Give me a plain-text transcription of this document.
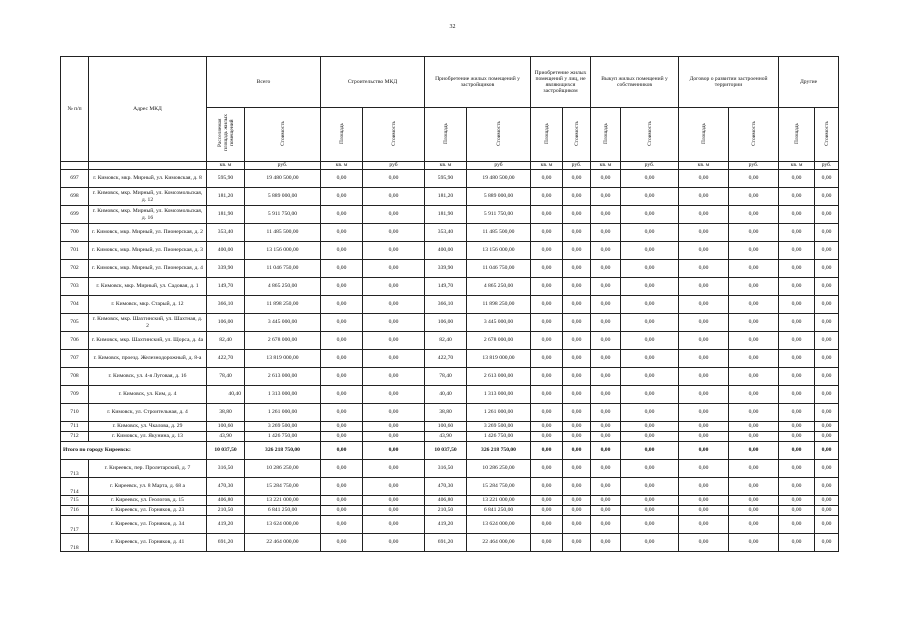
32
№ п/п	Адрес МКД	Всего		Строительство МКД		Приобретение жилых помещений у застройщиков		Приобретение жилых помещений у лиц, не являющихся застройщиком		Выкуп жилых помещений у собственников		Договор о развитии застроенной территории		Другие	
		Расселяемая площадь жилых помещений	Стоимость	Площадь	Стоимость	Площадь	Стоимость	Площадь	Стоимость	Площадь	Стоимость	Площадь	Стоимость	Площадь	Стоимость
		кв. м	руб.	кв. м	руб	кв. м	руб	кв. м	руб.	кв. м	руб.	кв. м	руб.	кв. м	руб.
697	г. Кимовск, мкр. Мирный, ул. Кимовская, д. 8	595,90	19 480 500,00	0,00	0,00	595,90	19 480 500,00	0,00	0,00	0,00	0,00	0,00	0,00	0,00	0,00
698	г. Кимовск, мкр. Мирный, ул. Комсомольская, д. 12	181,20	5 889 000,00	0,00	0,00	181,20	5 889 000,00	0,00	0,00	0,00	0,00	0,00	0,00	0,00	0,00
699	г. Кимовск, мкр. Мирный, ул. Комсомольская, д. 16	181,90	5 911 750,00	0,00	0,00	181,90	5 911 750,00	0,00	0,00	0,00	0,00	0,00	0,00	0,00	0,00
700	г. Кимовск, мкр. Мирный, ул. Пионерская, д. 2	353,40	11 485 500,00	0,00	0,00	353,40	11 485 500,00	0,00	0,00	0,00	0,00	0,00	0,00	0,00	0,00
701	г. Кимовск, мкр. Мирный, ул. Пионерская, д. 3	400,00	13 156 000,00	0,00	0,00	400,00	13 156 000,00	0,00	0,00	0,00	0,00	0,00	0,00	0,00	0,00
702	г. Кимовск, мкр. Мирный, ул. Пионерская, д. 4	339,90	11 046 750,00	0,00	0,00	339,90	11 046 750,00	0,00	0,00	0,00	0,00	0,00	0,00	0,00	0,00
703	г. Кимовск, мкр. Мирный, ул. Садовая, д. 1	149,70	4 865 250,00	0,00	0,00	149,70	4 865 250,00	0,00	0,00	0,00	0,00	0,00	0,00	0,00	0,00
704	г. Кимовск, мкр. Старый, д. 12	366,10	11 898 250,00	0,00	0,00	366,10	11 898 250,00	0,00	0,00	0,00	0,00	0,00	0,00	0,00	0,00
705	г. Кимовск, мкр. Шахтинский, ул. Шахтная, д. 2	106,00	3 445 000,00	0,00	0,00	106,00	3 445 000,00	0,00	0,00	0,00	0,00	0,00	0,00	0,00	0,00
706	г. Кимовск, мкр. Шахтинский, ул. Щорса, д. 4а	82,40	2 678 000,00	0,00	0,00	82,40	2 678 000,00	0,00	0,00	0,00	0,00	0,00	0,00	0,00	0,00
707	г. Кимовск, проезд. Железнодорожный, д. 8-а	422,70	13 819 000,00	0,00	0,00	422,70	13 819 000,00	0,00	0,00	0,00	0,00	0,00	0,00	0,00	0,00
708	г. Кимовск, ул. 4-я Луговая, д. 16	78,40	2 613 000,00	0,00	0,00	78,40	2 613 000,00	0,00	0,00	0,00	0,00	0,00	0,00	0,00	0,00
709	г. Кимовск, ул. Ким, д. 4	40,40	1 313 000,00	0,00	0,00	40,40	1 313 000,00	0,00	0,00	0,00	0,00	0,00	0,00	0,00	0,00
710	г. Кимовск, ул. Строительная, д. 4	38,80	1 261 000,00	0,00	0,00	38,80	1 261 000,00	0,00	0,00	0,00	0,00	0,00	0,00	0,00	0,00
711	г. Кимовск, ул. Чкалова, д. 29	100,60	3 269 500,00	0,00	0,00	100,60	3 269 500,00	0,00	0,00	0,00	0,00	0,00	0,00	0,00	0,00
712	г. Кимовск, ул. Якунина, д. 13	43,90	1 426 750,00	0,00	0,00	43,90	1 426 750,00	0,00	0,00	0,00	0,00	0,00	0,00	0,00	0,00
Итого по городу Киреевск:		10 037,50	326 218 750,00	0,00	0,00	10 037,50	326 218 750,00	0,00	0,00	0,00	0,00	0,00	0,00	0,00	0,00
713	г. Киреевск, пер. Пролетарский, д. 7	316,50	10 286 250,00	0,00	0,00	316,50	10 286 250,00	0,00	0,00	0,00	0,00	0,00	0,00	0,00	0,00
714	г. Киреевск, ул. 8 Марта, д. 68 а	470,30	15 284 750,00	0,00	0,00	470,30	15 284 750,00	0,00	0,00	0,00	0,00	0,00	0,00	0,00	0,00
715	г. Киреевск, ул. Геологов, д. 15	406,80	13 221 000,00	0,00	0,00	406,80	13 221 000,00	0,00	0,00	0,00	0,00	0,00	0,00	0,00	0,00
716	г. Киреевск, ул. Горняков, д. 23	210,50	6 841 250,00	0,00	0,00	210,50	6 841 250,00	0,00	0,00	0,00	0,00	0,00	0,00	0,00	0,00
717	г. Киреевск, ул. Горняков, д. 34	419,20	13 624 000,00	0,00	0,00	419,20	13 624 000,00	0,00	0,00	0,00	0,00	0,00	0,00	0,00	0,00
718	г. Киреевск, ул. Горняков, д. 41	691,20	22 464 000,00	0,00	0,00	691,20	22 464 000,00	0,00	0,00	0,00	0,00	0,00	0,00	0,00	0,00
